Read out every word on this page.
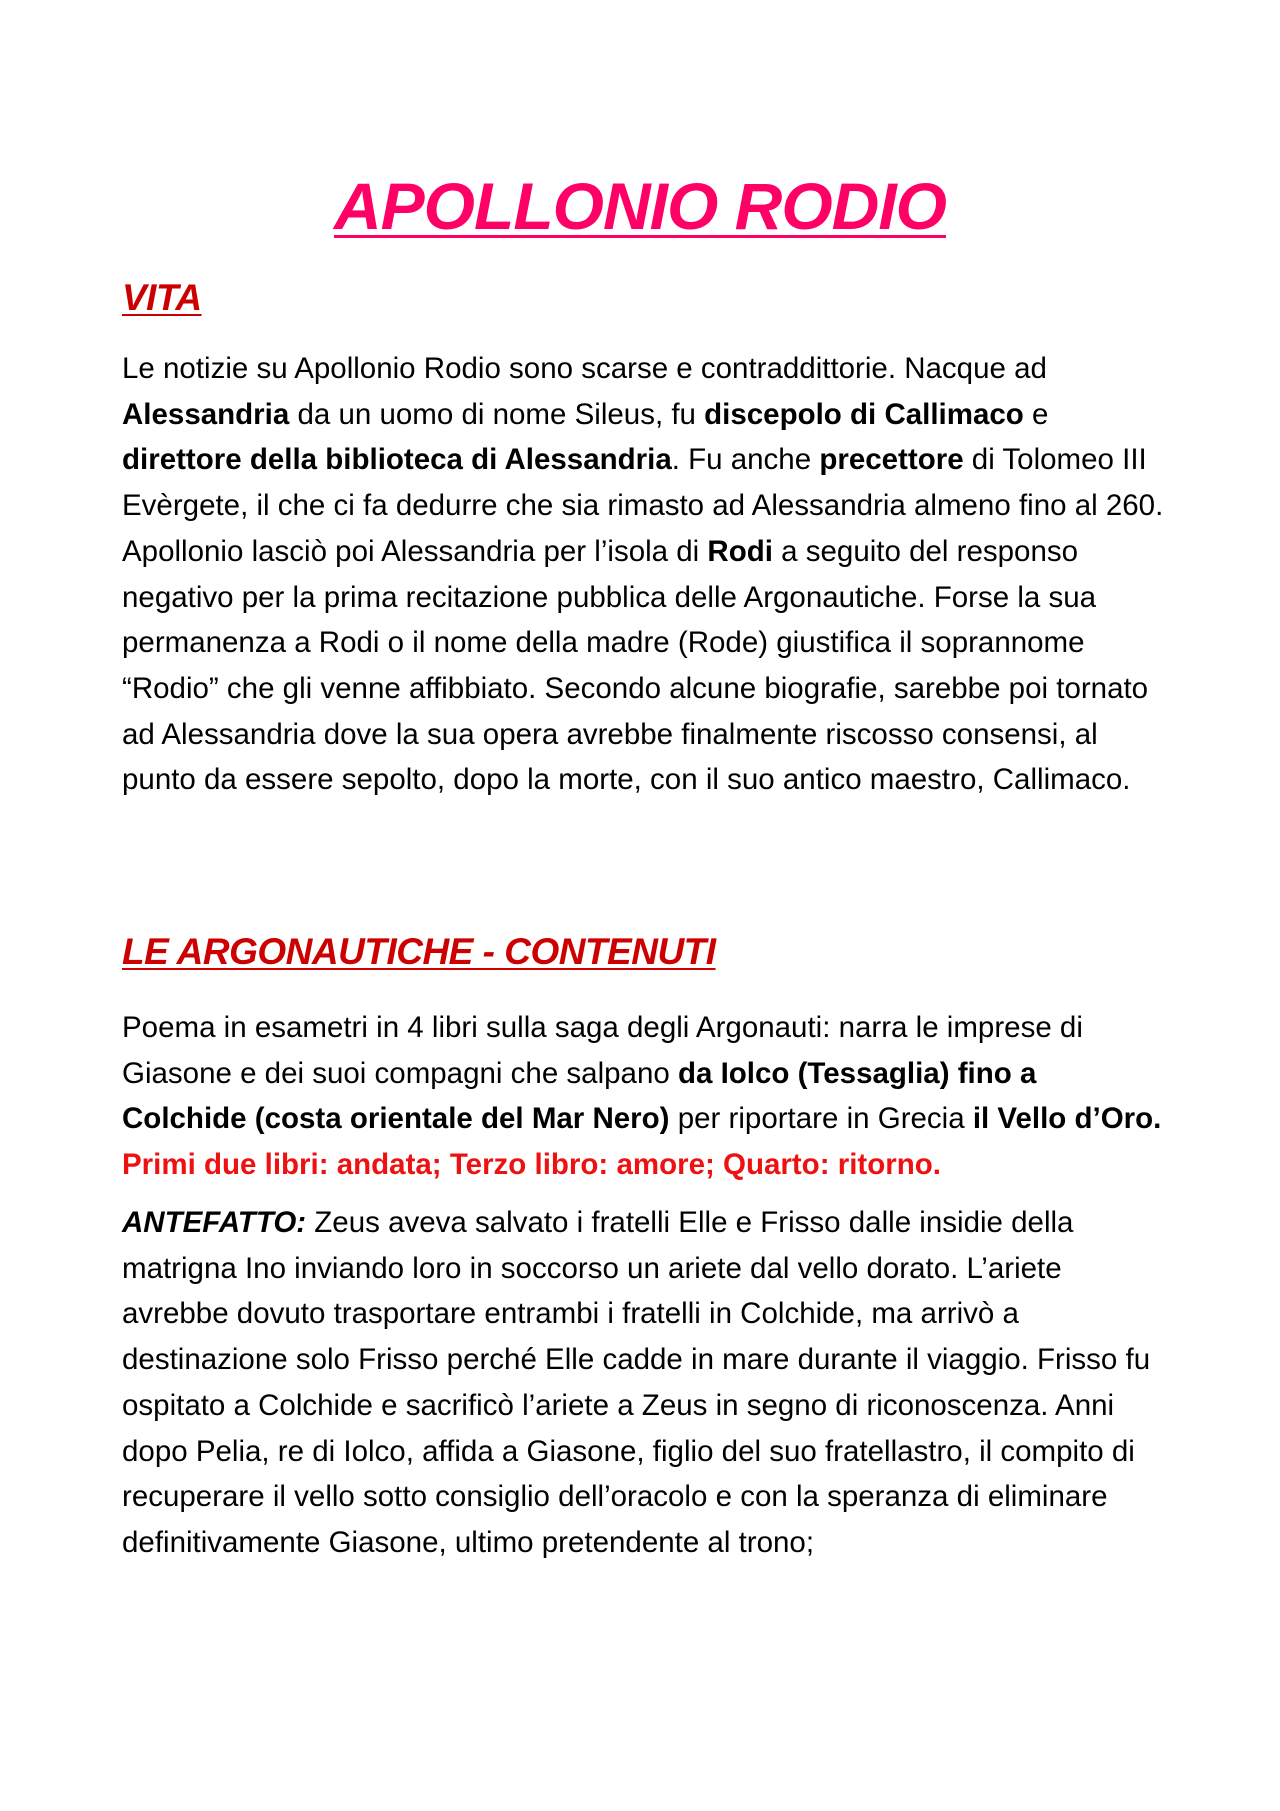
APOLLONIO RODIO
VITA

Le notizie su Apollonio Rodio sono scarse e contraddittorie. Nacque ad Alessandria da un uomo di nome Sileus, fu discepolo di Callimaco e direttore della biblioteca di Alessandria. Fu anche precettore di Tolomeo III Evèrgete, il che ci fa dedurre che sia rimasto ad Alessandria almeno fino al 260. Apollonio lasciò poi Alessandria per l’isola di Rodi a seguito del responso negativo per la prima recitazione pubblica delle Argonautiche. Forse la sua permanenza a Rodi o il nome della madre (Rode) giustifica il soprannome “Rodio” che gli venne affibbiato. Secondo alcune biografie, sarebbe poi tornato ad Alessandria dove la sua opera avrebbe finalmente riscosso consensi, al punto da essere sepolto, dopo la morte, con il suo antico maestro, Callimaco.

LE ARGONAUTICHE - CONTENUTI

Poema in esametri in 4 libri sulla saga degli Argonauti: narra le imprese di Giasone e dei suoi compagni che salpano da Iolco (Tessaglia) fino a Colchide (costa orientale del Mar Nero) per riportare in Grecia il Vello d’Oro. Primi due libri: andata; Terzo libro: amore; Quarto: ritorno.

ANTEFATTO: Zeus aveva salvato i fratelli Elle e Frisso dalle insidie della matrigna Ino inviando loro in soccorso un ariete dal vello dorato. L’ariete avrebbe dovuto trasportare entrambi i fratelli in Colchide, ma arrivò a destinazione solo Frisso perché Elle cadde in mare durante il viaggio. Frisso fu ospitato a Colchide e sacrificò l’ariete a Zeus in segno di riconoscenza. Anni dopo Pelia, re di Iolco, affida a Giasone, figlio del suo fratellastro, il compito di recuperare il vello sotto consiglio dell’oracolo e con la speranza di eliminare definitivamente Giasone, ultimo pretendente al trono;
